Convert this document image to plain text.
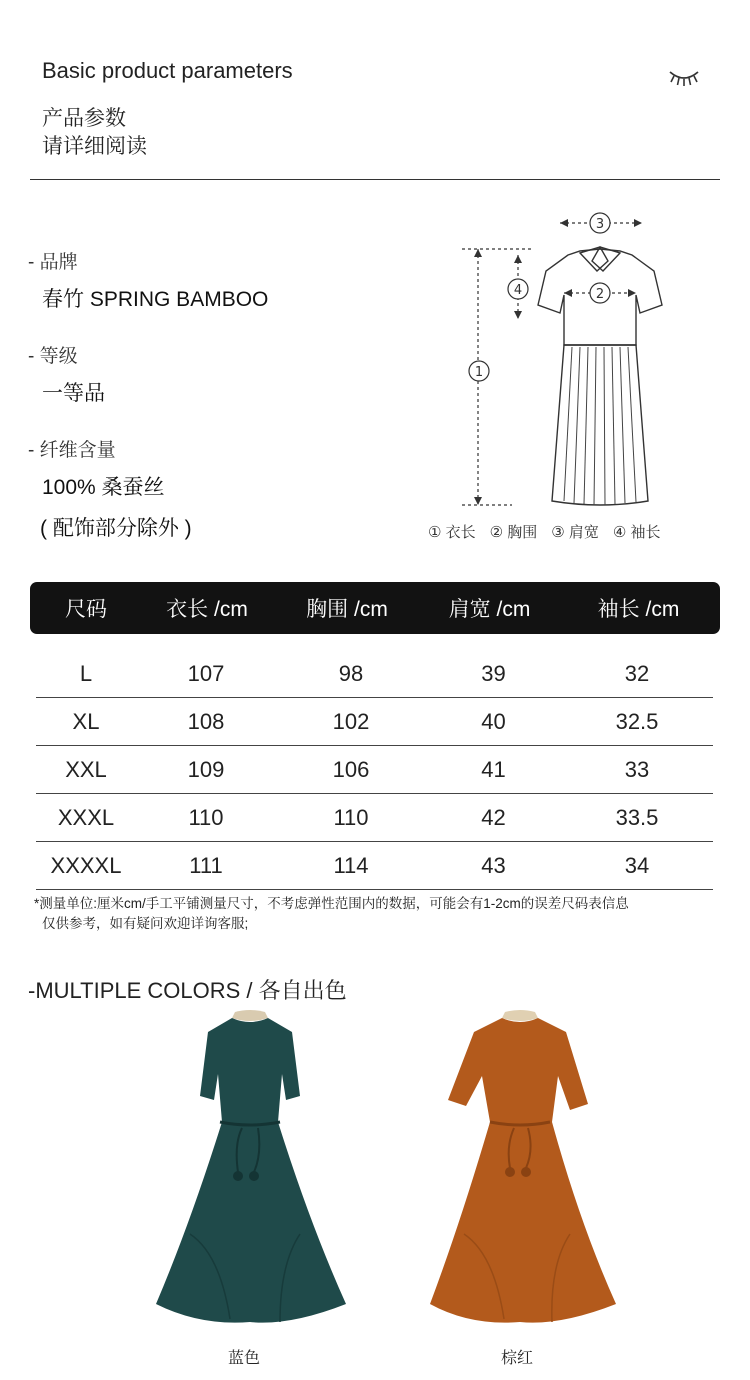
Basic product parameters
产品参数
请详细阅读
- 品牌
春竹 SPRING BAMBOO
- 等级
一等品
- 纤维含量
100% 桑蚕丝
( 配饰部分除外 )
1
2
3
4
① 衣长 ② 胸围 ③ 肩宽 ④ 袖长
尺码	衣长 /cm	胸围 /cm	肩宽 /cm	袖长 /cm
L	107	98	39	32
XL	108	102	40	32.5
XXL	109	106	41	33
XXXL	110	110	42	33.5
XXXXL	111	114	43	34
*测量单位:厘米cm/手工平铺测量尺寸，不考虑弹性范围内的数据，可能会有1-2cm的误差尺码表信息
仅供参考，如有疑问欢迎详询客服;
-MULTIPLE COLORS / 各自出色
蓝色	棕红
